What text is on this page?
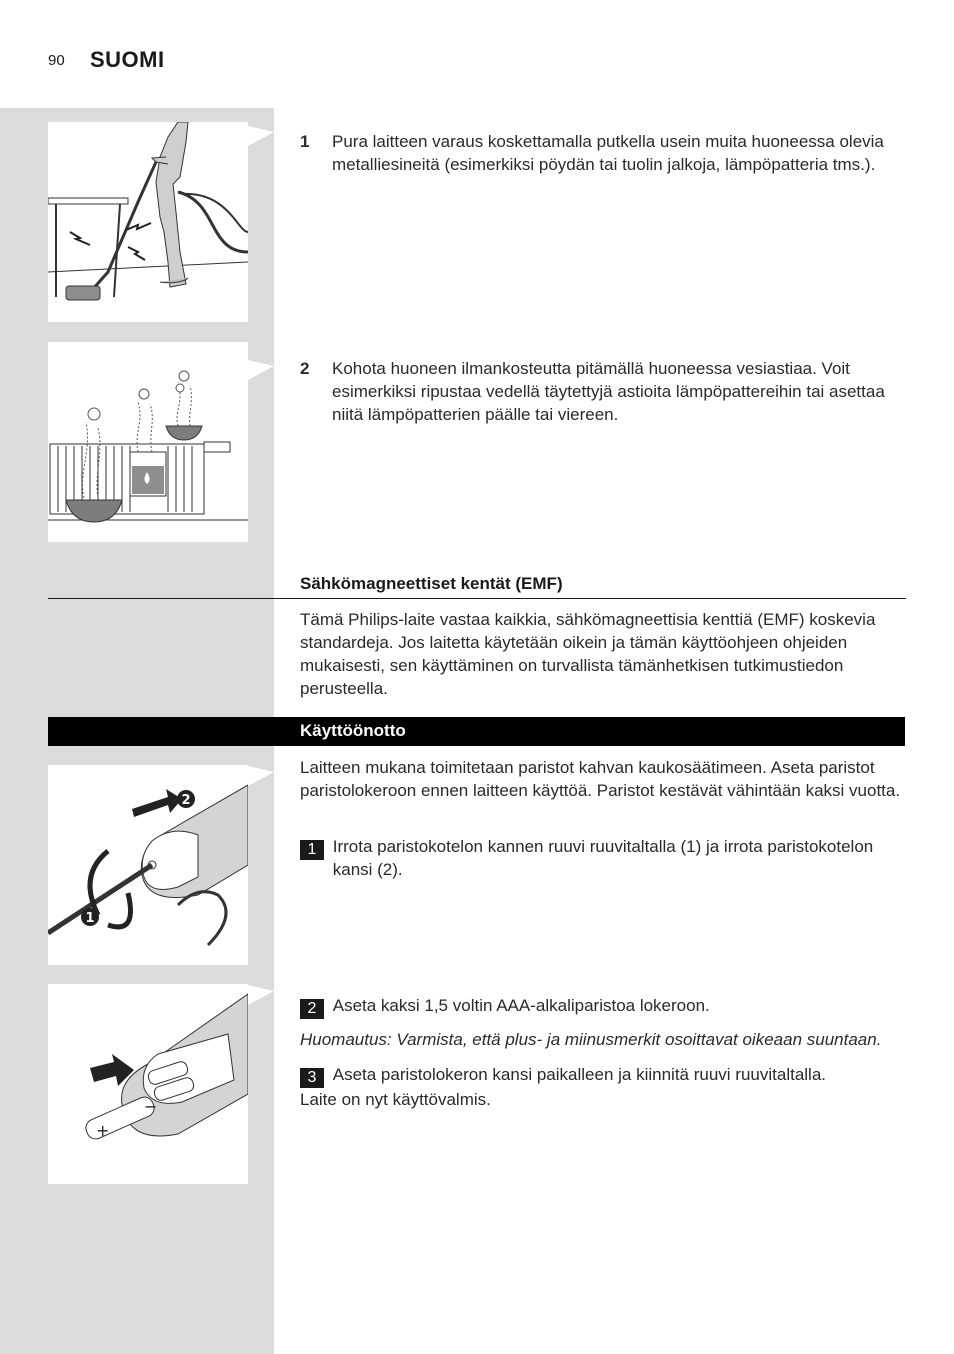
90 SUOMI
1 Pura laitteen varaus koskettamalla putkella usein muita huoneessa olevia metalliesineitä (esimerkiksi pöydän tai tuolin jalkoja, lämpöpatteria tms.).
2 Kohota huoneen ilmankosteutta pitämällä huoneessa vesiastiaa. Voit esimerkiksi ripustaa vedellä täytettyjä astioita lämpöpattereihin tai asettaa niitä lämpöpatterien päälle tai viereen.
Sähkömagneettiset kentät (EMF)
Tämä Philips-laite vastaa kaikkia, sähkömagneettisia kenttiä (EMF) koskevia standardeja. Jos laitetta käytetään oikein ja tämän käyttöohjeen ohjeiden mukaisesti, sen käyttäminen on turvallista tämänhetkisen tutkimustiedon perusteella.
Käyttöönotto
2
1
+
−
Laitteen mukana toimitetaan paristot kahvan kaukosäätimeen. Aseta paristot paristolokeroon ennen laitteen käyttöä. Paristot kestävät vähintään kaksi vuotta.
1 Irrota paristokotelon kannen ruuvi ruuvitaltalla (1) ja irrota paristokotelon kansi (2).
2 Aseta kaksi 1,5 voltin AAA-alkaliparistoa lokeroon.
Huomautus: Varmista, että plus- ja miinusmerkit osoittavat oikeaan suuntaan.
3 Aseta paristolokeron kansi paikalleen ja kiinnitä ruuvi ruuvitaltalla.
Laite on nyt käyttövalmis.
